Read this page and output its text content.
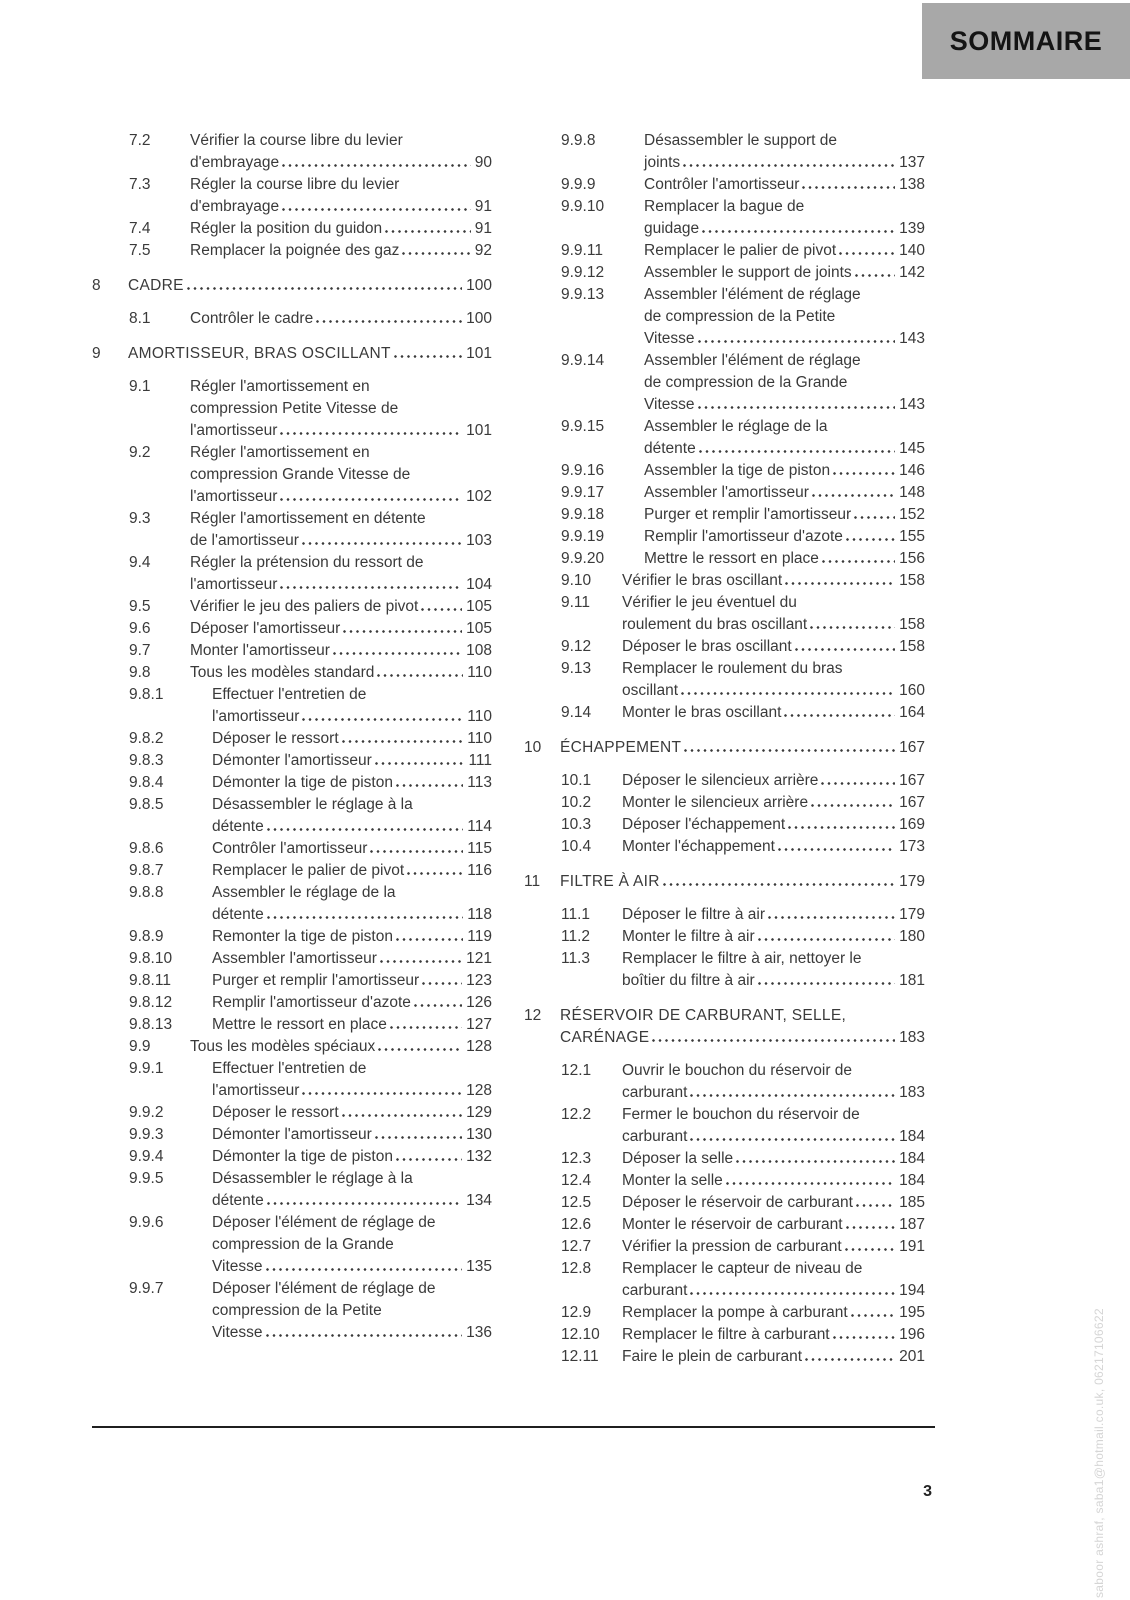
SOMMAIRE
7.2	Vérifier la course libre du levier
d'embrayage	90
7.3	Régler la course libre du levier
d'embrayage	91
7.4	Régler la position du guidon	91
7.5	Remplacer la poignée des gaz	92
8	CADRE	100
8.1	Contrôler le cadre	100
9	AMORTISSEUR, BRAS OSCILLANT	101
9.1	Régler l'amortissement en
compression Petite Vitesse de
l'amortisseur	101
9.2	Régler l'amortissement en
compression Grande Vitesse de
l'amortisseur	102
9.3	Régler l'amortissement en détente
de l'amortisseur	103
9.4	Régler la prétension du ressort de
l'amortisseur	104
9.5	Vérifier le jeu des paliers de pivot	105
9.6	Déposer l'amortisseur	105
9.7	Monter l'amortisseur	108
9.8	Tous les modèles standard	110
9.8.1	Effectuer l'entretien de
l'amortisseur	110
9.8.2	Déposer le ressort	110
9.8.3	Démonter l'amortisseur	111
9.8.4	Démonter la tige de piston	113
9.8.5	Désassembler le réglage à la
détente	114
9.8.6	Contrôler l'amortisseur	115
9.8.7	Remplacer le palier de pivot	116
9.8.8	Assembler le réglage de la
détente	118
9.8.9	Remonter la tige de piston	119
9.8.10	Assembler l'amortisseur	121
9.8.11	Purger et remplir l'amortisseur	123
9.8.12	Remplir l'amortisseur d'azote	126
9.8.13	Mettre le ressort en place	127
9.9	Tous les modèles spéciaux	128
9.9.1	Effectuer l'entretien de
l'amortisseur	128
9.9.2	Déposer le ressort	129
9.9.3	Démonter l'amortisseur	130
9.9.4	Démonter la tige de piston	132
9.9.5	Désassembler le réglage à la
détente	134
9.9.6	Déposer l'élément de réglage de
compression de la Grande
Vitesse	135
9.9.7	Déposer l'élément de réglage de
compression de la Petite
Vitesse	136
9.9.8	Désassembler le support de
joints	137
9.9.9	Contrôler l'amortisseur	138
9.9.10	Remplacer la bague de
guidage	139
9.9.11	Remplacer le palier de pivot	140
9.9.12	Assembler le support de joints	142
9.9.13	Assembler l'élément de réglage
de compression de la Petite
Vitesse	143
9.9.14	Assembler l'élément de réglage
de compression de la Grande
Vitesse	143
9.9.15	Assembler le réglage de la
détente	145
9.9.16	Assembler la tige de piston	146
9.9.17	Assembler l'amortisseur	148
9.9.18	Purger et remplir l'amortisseur	152
9.9.19	Remplir l'amortisseur d'azote	155
9.9.20	Mettre le ressort en place	156
9.10	Vérifier le bras oscillant	158
9.11	Vérifier le jeu éventuel du
roulement du bras oscillant	158
9.12	Déposer le bras oscillant	158
9.13	Remplacer le roulement du bras
oscillant	160
9.14	Monter le bras oscillant	164
10	ÉCHAPPEMENT	167
10.1	Déposer le silencieux arrière	167
10.2	Monter le silencieux arrière	167
10.3	Déposer l'échappement	169
10.4	Monter l'échappement	173
11	FILTRE À AIR	179
11.1	Déposer le filtre à air	179
11.2	Monter le filtre à air	180
11.3	Remplacer le filtre à air, nettoyer le
boîtier du filtre à air	181
12	RÉSERVOIR DE CARBURANT, SELLE,
CARÉNAGE	183
12.1	Ouvrir le bouchon du réservoir de
carburant	183
12.2	Fermer le bouchon du réservoir de
carburant	184
12.3	Déposer la selle	184
12.4	Monter la selle	184
12.5	Déposer le réservoir de carburant	185
12.6	Monter le réservoir de carburant	187
12.7	Vérifier la pression de carburant	191
12.8	Remplacer le capteur de niveau de
carburant	194
12.9	Remplacer la pompe à carburant	195
12.10	Remplacer le filtre à carburant	196
12.11	Faire le plein de carburant	201
3	saboor ashraf, saba1@hotmail.co.uk, 06217106622
